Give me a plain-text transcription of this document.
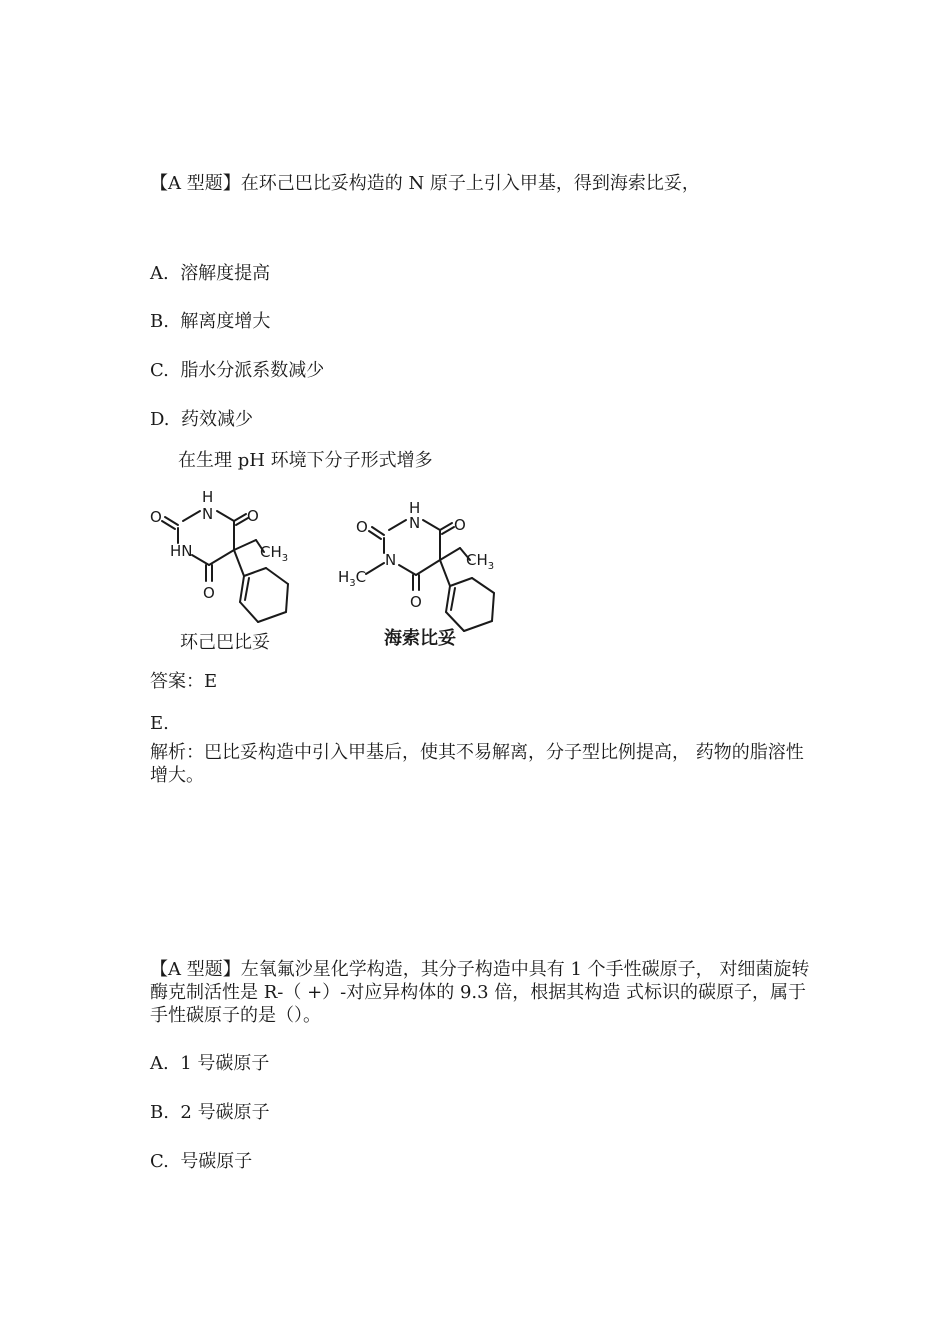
【A 型题】在环己巴比妥构造的 N 原子上引入甲基，得到海索比妥，
A. 溶解度提高
B. 解离度增大
C. 脂水分派系数减少
D. 药效减少
在生理 pH 环境下分子形式增多
H
N
O	O
HN
O
$CH_3$
H
N
O	O
N
$H_3C$
O
$CH_3$
环己巴比妥	海索比妥
答案：E
E.
解析：巴比妥构造中引入甲基后，使其不易解离，分子型比例提高， 药物的脂溶性增大。
【A 型题】左氧氟沙星化学构造，其分子构造中具有 1 个手性碳原子， 对细菌旋转酶克制活性是 R-（ +）-对应异构体的 9.3 倍，根据其构造 式标识的碳原子，属于手性碳原子的是（）。
A. 1 号碳原子
B. 2 号碳原子
C. 号碳原子
